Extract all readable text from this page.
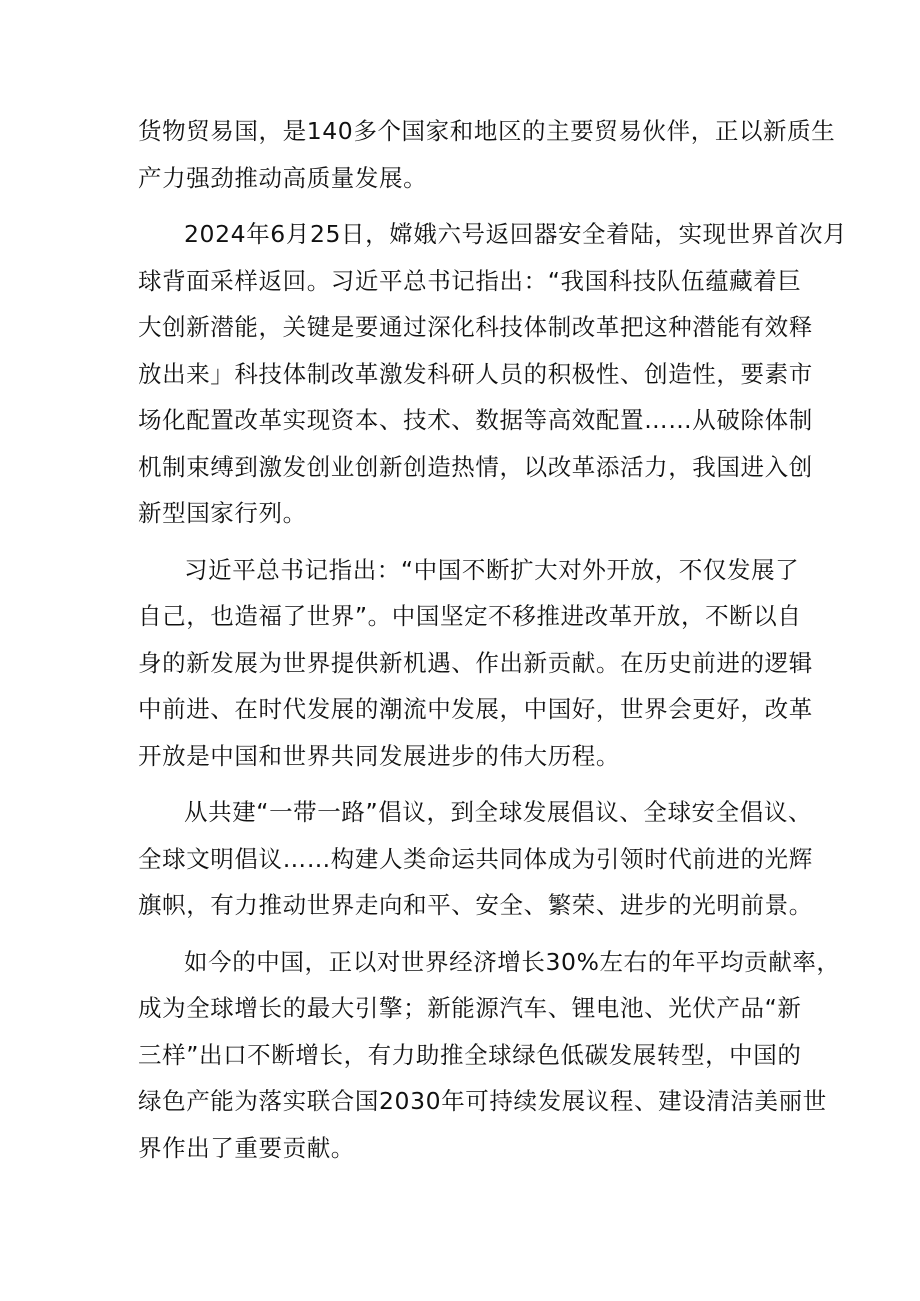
货物贸易国，是140多个国家和地区的主要贸易伙伴，正以新质生
产力强劲推动高质量发展。
2024年6月25日，嫦娥六号返回器安全着陆，实现世界首次月
球背面采样返回。习近平总书记指出：“我国科技队伍蕴藏着巨
大创新潜能，关键是要通过深化科技体制改革把这种潜能有效释
放出来」科技体制改革激发科研人员的积极性、创造性，要素市
场化配置改革实现资本、技术、数据等高效配置……从破除体制
机制束缚到激发创业创新创造热情，以改革添活力，我国进入创
新型国家行列。
习近平总书记指出：“中国不断扩大对外开放，不仅发展了
自己，也造福了世界”。中国坚定不移推进改革开放，不断以自
身的新发展为世界提供新机遇、作出新贡献。在历史前进的逻辑
中前进、在时代发展的潮流中发展，中国好，世界会更好，改革
开放是中国和世界共同发展进步的伟大历程。
从共建“一带一路”倡议，到全球发展倡议、全球安全倡议、
全球文明倡议……构建人类命运共同体成为引领时代前进的光辉
旗帜，有力推动世界走向和平、安全、繁荣、进步的光明前景。
如今的中国，正以对世界经济增长30%左右的年平均贡献率，
成为全球增长的最大引擎；新能源汽车、锂电池、光伏产品“新
三样”出口不断增长，有力助推全球绿色低碳发展转型，中国的
绿色产能为落实联合国2030年可持续发展议程、建设清洁美丽世
界作出了重要贡献。
